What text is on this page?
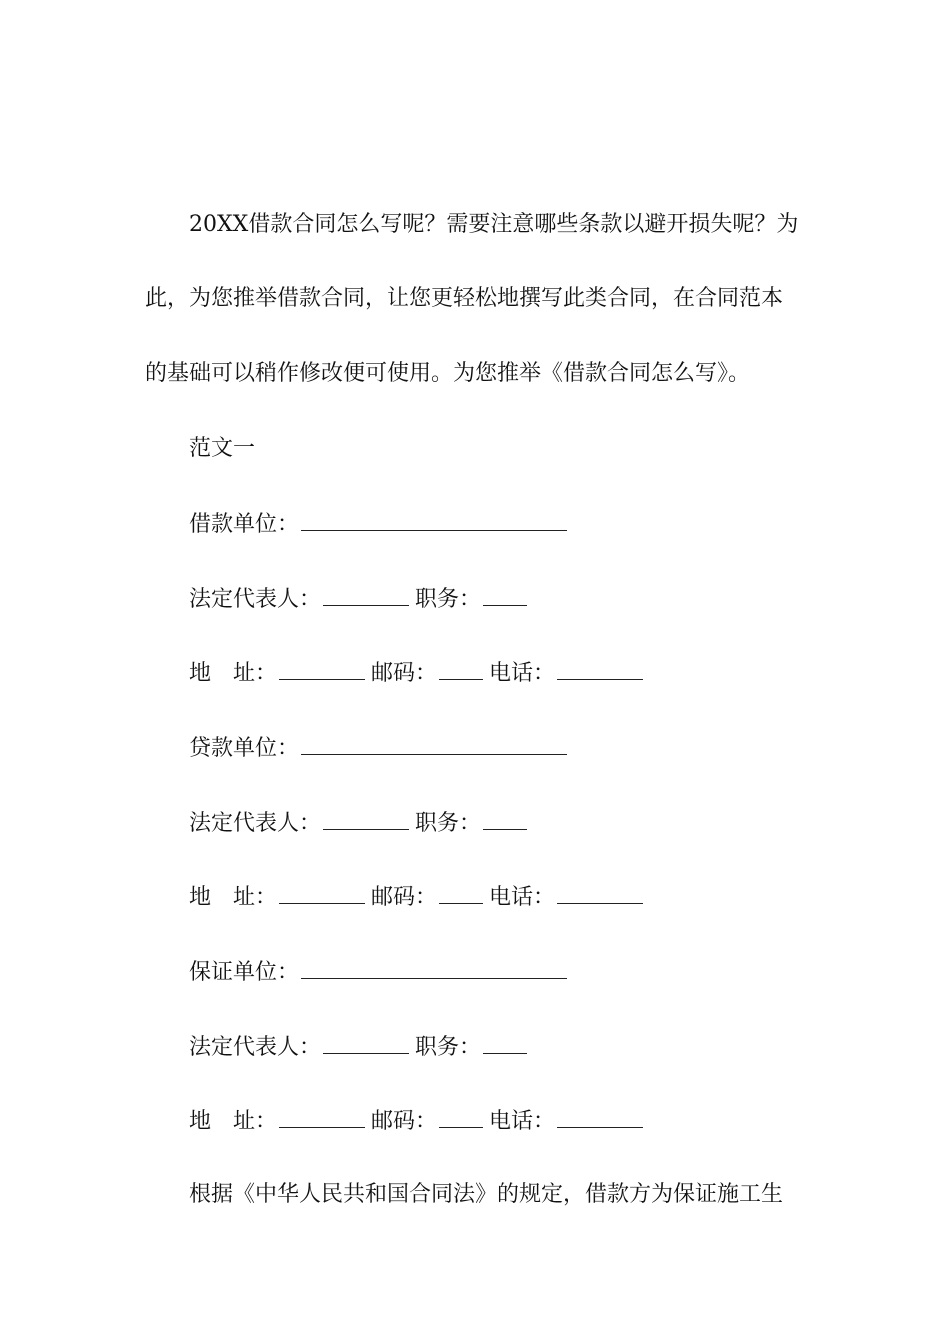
20XX借款合同怎么写呢？需要注意哪些条款以避开损失呢？为
此，为您推举借款合同，让您更轻松地撰写此类合同，在合同范本
的基础可以稍作修改便可使用。为您推举《借款合同怎么写》。
范文一
借款单位：
法定代表人：	职务：
地　址：	邮码： 电话：
贷款单位：
法定代表人：	职务：
地　址：	邮码： 电话：
保证单位：
法定代表人：	职务：
地　址：	邮码： 电话：
根据《中华人民共和国合同法》的规定，借款方为保证施工生
